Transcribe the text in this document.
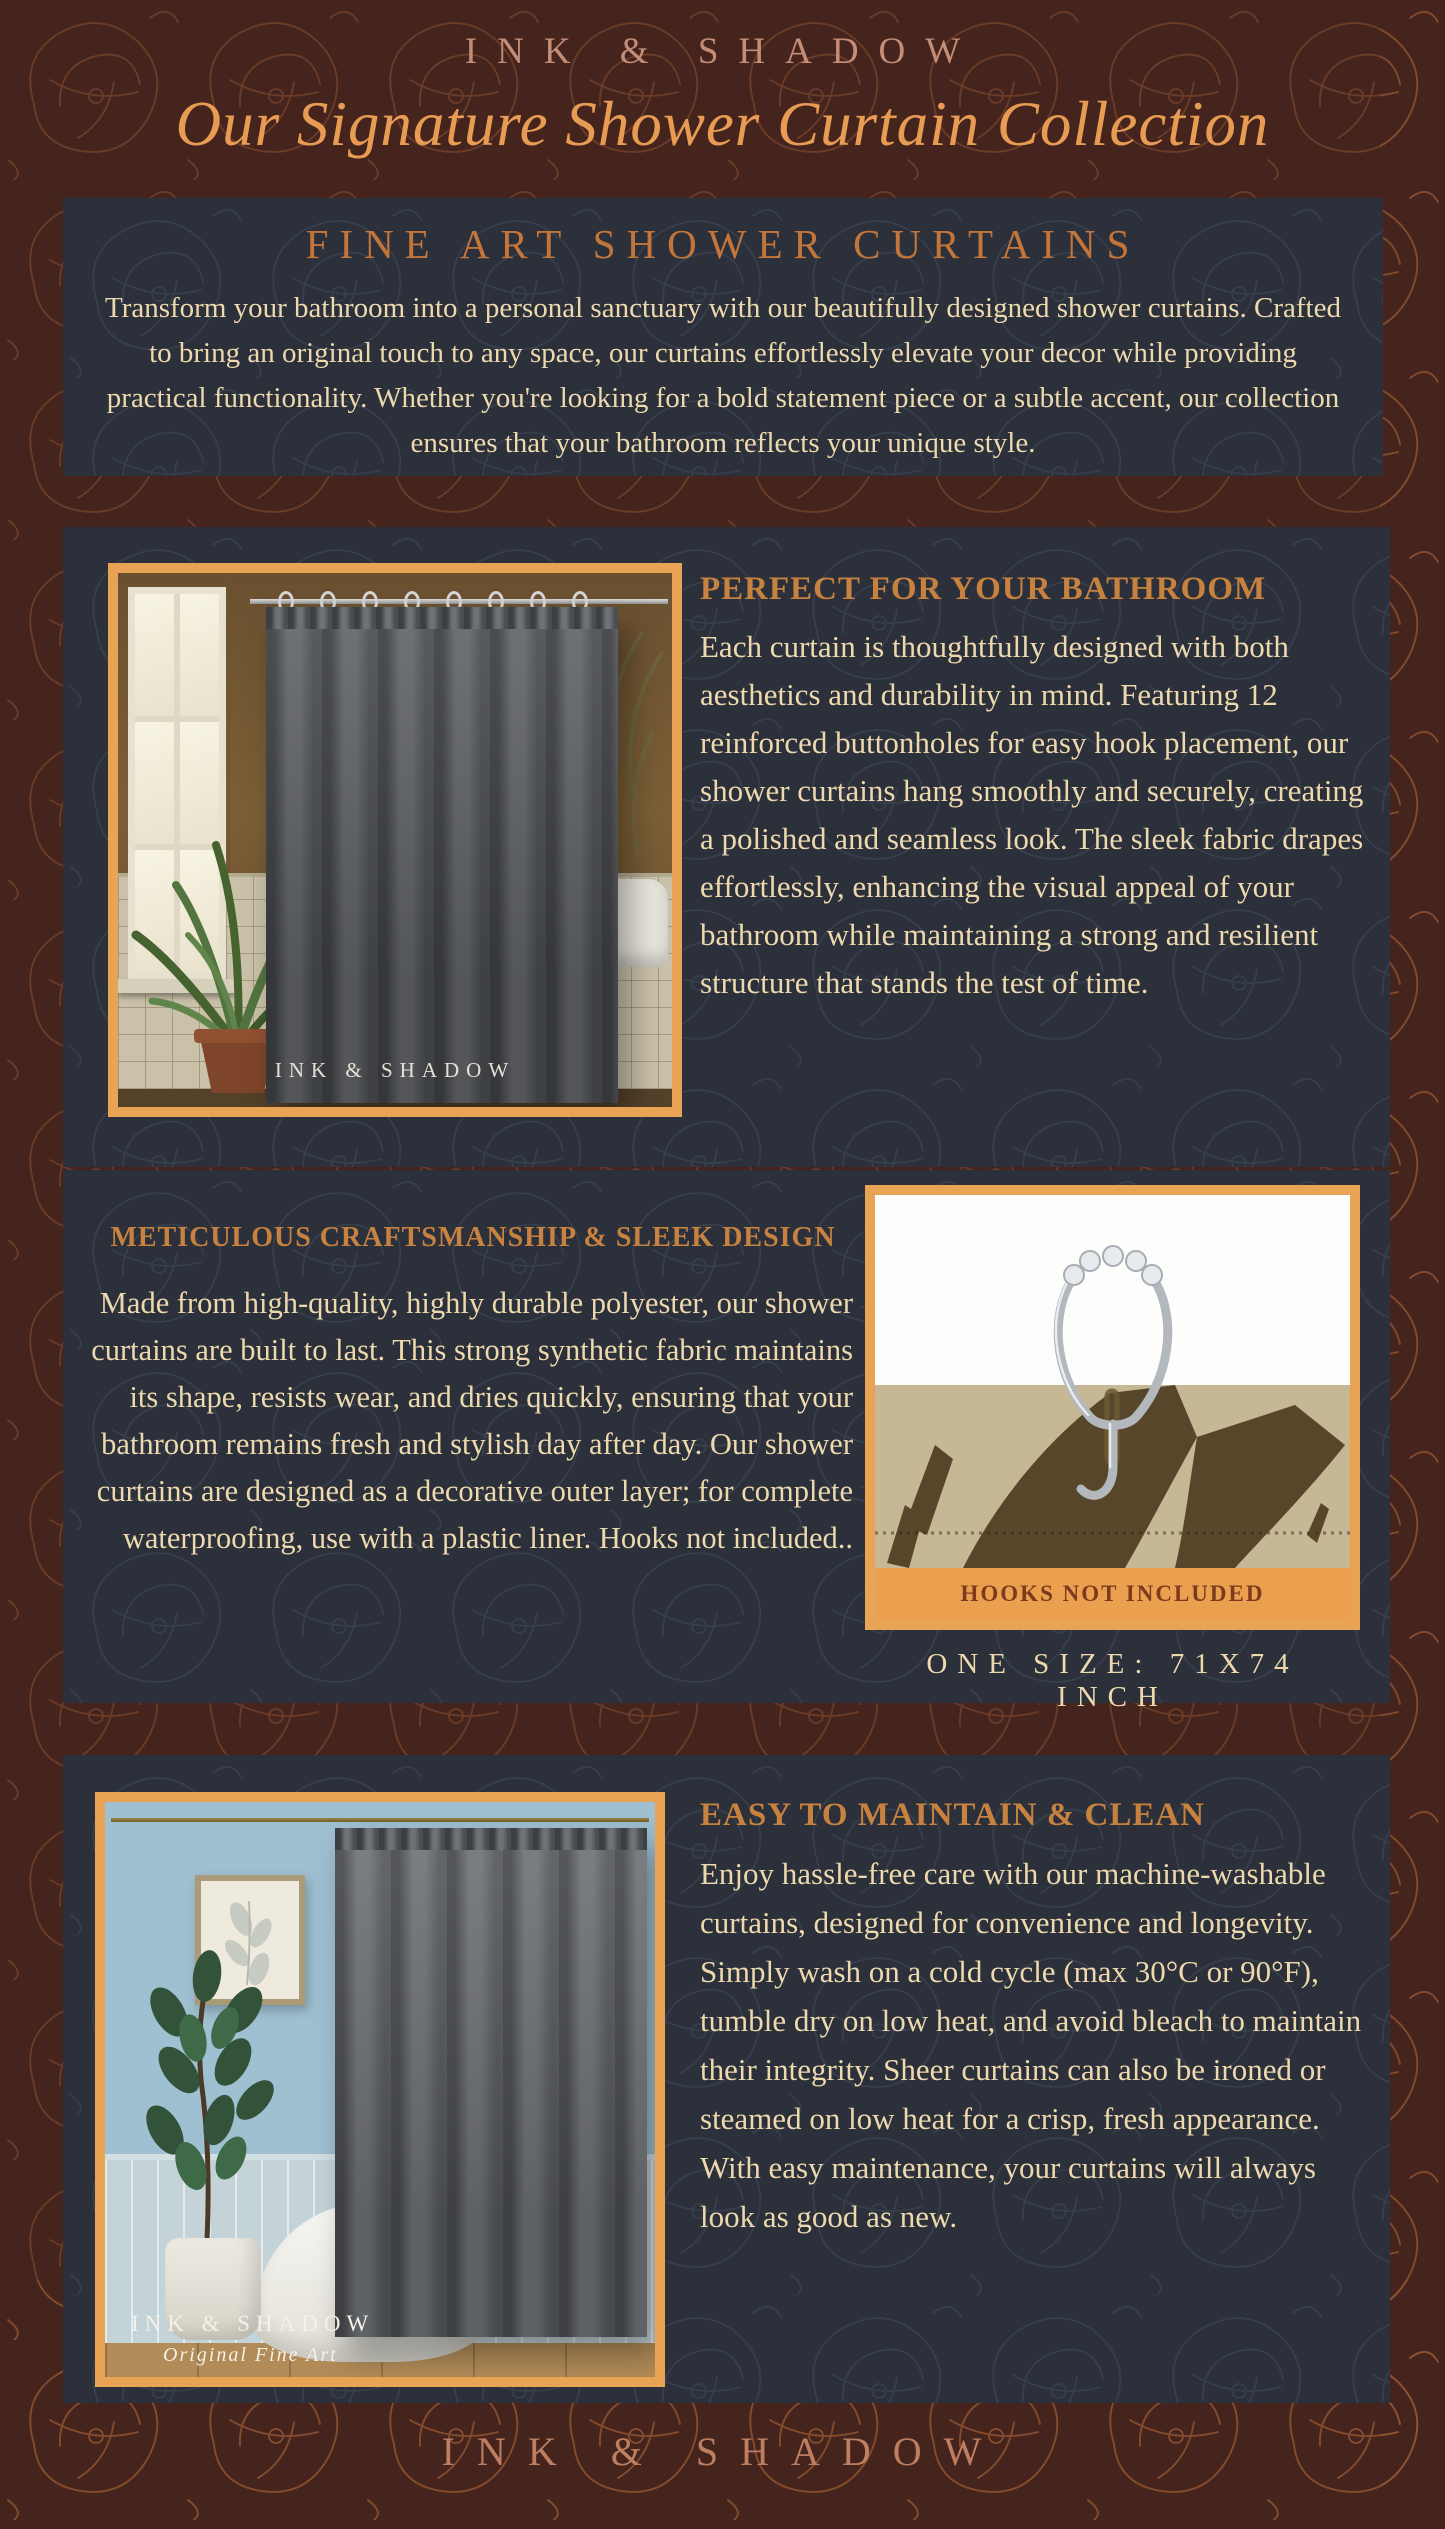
INK & SHADOW
Our Signature Shower Curtain Collection
FINE ART SHOWER CURTAINS
Transform your bathroom into a personal sanctuary with our beautifully designed shower curtains. Crafted to bring an original touch to any space, our curtains effortlessly elevate your decor while providing practical functionality. Whether you're looking for a bold statement piece or a subtle accent, our collection ensures that your bathroom reflects your unique style.
INK & SHADOW
PERFECT FOR YOUR BATHROOM
Each curtain is thoughtfully designed with both aesthetics and durability in mind. Featuring 12 reinforced buttonholes for easy hook placement, our shower curtains hang smoothly and securely, creating a polished and seamless look. The sleek fabric drapes effortlessly, enhancing the visual appeal of your bathroom while maintaining a strong and resilient structure that stands the test of time.
METICULOUS CRAFTSMANSHIP & SLEEK DESIGN
Made from high-quality, highly durable polyester, our shower curtains are built to last. This strong synthetic fabric maintains its shape, resists wear, and dries quickly, ensuring that your bathroom remains fresh and stylish day after day. Our shower curtains are designed as a decorative outer layer; for complete waterproofing, use with a plastic liner. Hooks not included..
HOOKS NOT INCLUDED
ONE SIZE: 71X74 INCH
INK & SHADOW
Original Fine Art
EASY TO MAINTAIN & CLEAN
Enjoy hassle-free care with our machine-washable curtains, designed for convenience and longevity. Simply wash on a cold cycle (max 30°C or 90°F), tumble dry on low heat, and avoid bleach to maintain their integrity. Sheer curtains can also be ironed or steamed on low heat for a crisp, fresh appearance. With easy maintenance, your curtains will always look as good as new.
INK & SHADOW
